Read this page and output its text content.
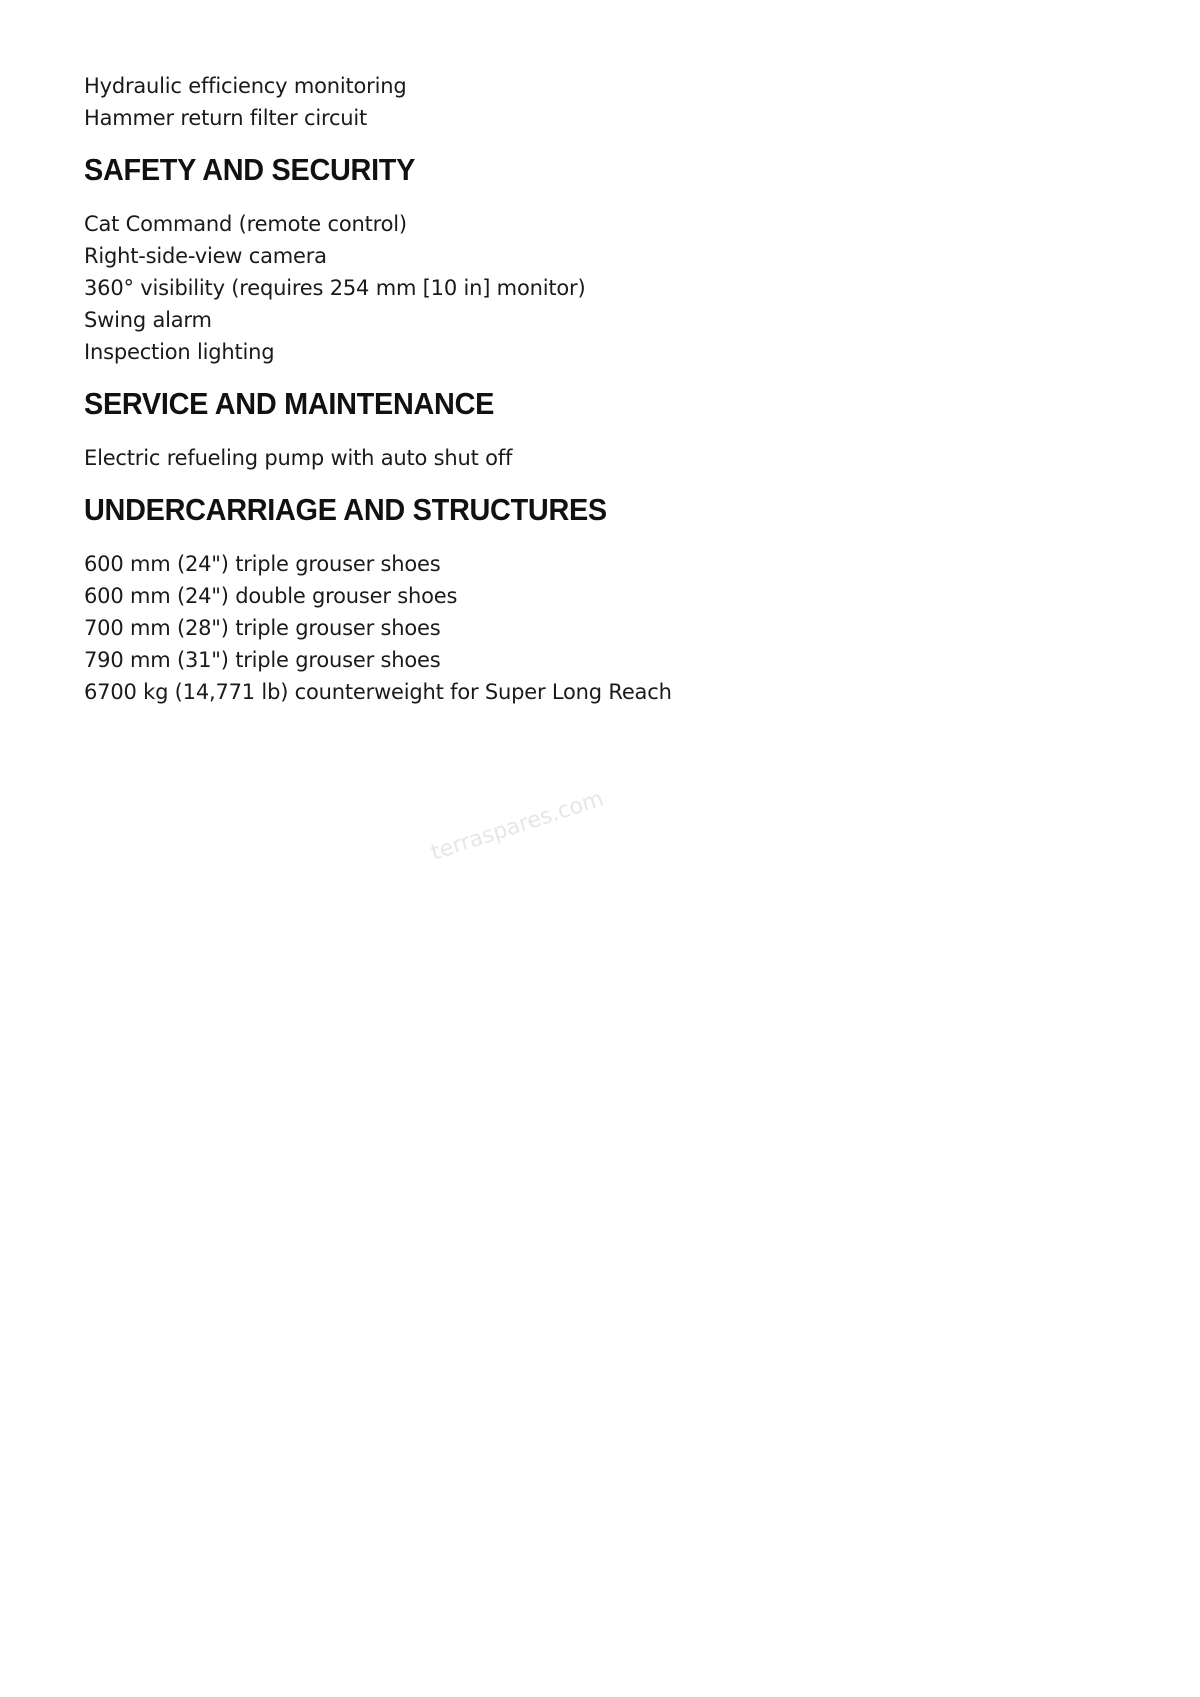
Hydraulic efficiency monitoring
Hammer return filter circuit
SAFETY AND SECURITY
Cat Command (remote control)
Right-side-view camera
360° visibility (requires 254 mm [10 in] monitor)
Swing alarm
Inspection lighting
SERVICE AND MAINTENANCE
Electric refueling pump with auto shut off
UNDERCARRIAGE AND STRUCTURES
600 mm (24") triple grouser shoes
600 mm (24") double grouser shoes
700 mm (28") triple grouser shoes
790 mm (31") triple grouser shoes
6700 kg (14,771 lb) counterweight for Super Long Reach
terraspares.com
